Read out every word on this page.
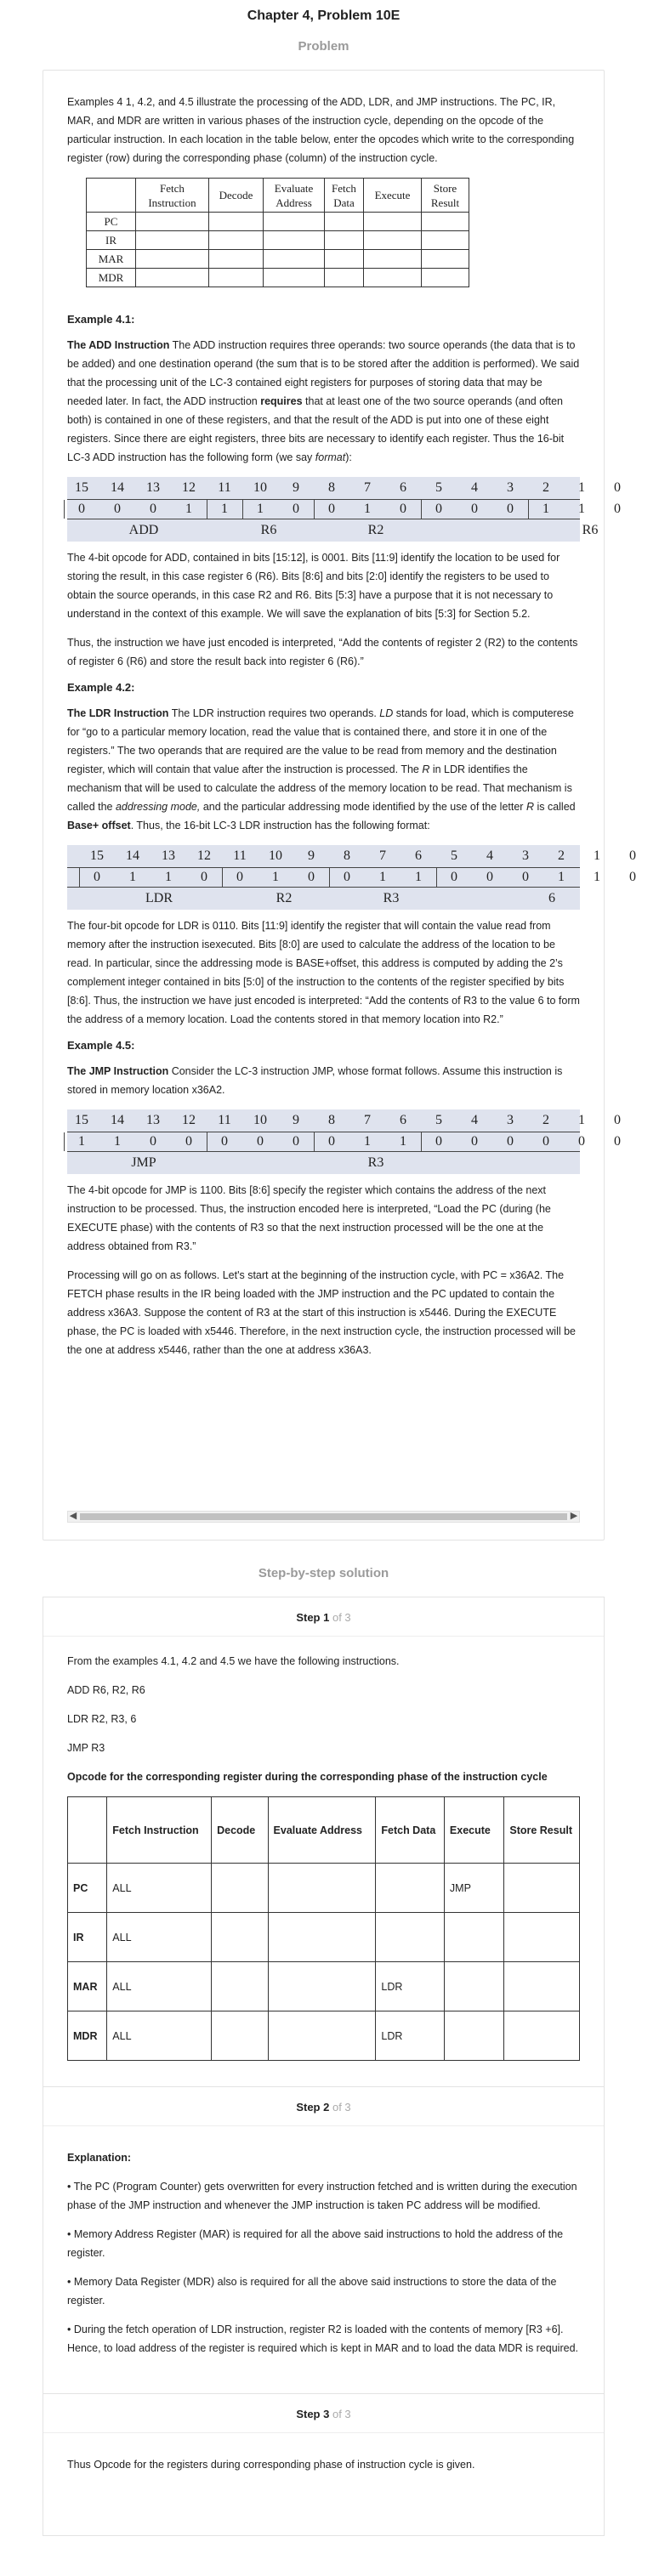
Chapter 4, Problem 10E
Problem

Examples 4 1, 4.2, and 4.5 illustrate the processing of the ADD, LDR, and JMP instructions. The PC, IR, MAR, and MDR are written in various phases of the instruction cycle, depending on the opcode of the particular instruction. In each location in the table below, enter the opcodes which write to the corresponding register (row) during the corresponding phase (column) of the instruction cycle.

	Fetch Instruction	Decode	Evaluate Address	Fetch Data	Execute	Store Result
PC						
IR						
MAR						
MDR						
Example 4.1:

The ADD Instruction The ADD instruction requires three operands: two source operands (the data that is to be added) and one destination operand (the sum that is to be stored after the addition is performed). We said that the processing unit of the LC-3 contained eight registers for purposes of storing data that may be needed later. In fact, the ADD instruction requires that at least one of the two source operands (and often both) is contained in one of these registers, and that the result of the ADD is put into one of these eight registers. Since there are eight registers, three bits are necessary to identify each register. Thus the 16-bit LC-3 ADD instruction has the following form (we say format):

15 14 13 12 11 10	9	8	7	6	5	4	3	2	1	0
0	0	0	1	1	1	0	0	1	0	0	0	0	1	1	0
ADD	R6	R2	R6

The 4-bit opcode for ADD, contained in bits [15:12], is 0001. Bits [11:9] identify the location to be used for storing the result, in this case register 6 (R6). Bits [8:6] and bits [2:0] identify the registers to be used to obtain the source operands, in this case R2 and R6. Bits [5:3] have a purpose that it is not necessary to understand in the context of this example. We will save the explanation of bits [5:3] for Section 5.2.

Thus, the instruction we have just encoded is interpreted, “Add the contents of register 2 (R2) to the contents of register 6 (R6) and store the result back into register 6 (R6).”

Example 4.2:

The LDR Instruction The LDR instruction requires two operands. LD stands for load, which is computerese for “go to a particular memory location, read the value that is contained there, and store it in one of the registers.” The two operands that are required are the value to be read from memory and the destination register, which will contain that value after the instruction is processed. The R in LDR identifies the mechanism that will be used to calculate the address of the memory location to be read. That mechanism is called the addressing mode, and the particular addressing mode identified by the use of the letter R is called Base+ offset. Thus, the 16-bit LC-3 LDR instruction has the following format:

15 14 13 12 11 10	9	8	7	6	5	4	3	2	1	0
0	1	1	0	0	1	0	0	1	1	0	0	0	1	1	0
LDR	R2	R3	6

The four-bit opcode for LDR is 0110. Bits [11:9] identify the register that will contain the value read from memory after the instruction isexecuted. Bits [8:0] are used to calculate the address of the location to be read. In particular, since the addressing mode is BASE+offset, this address is computed by adding the 2’s complement integer contained in bits [5:0] of the instruction to the contents of the register specified by bits [8:6]. Thus, the instruction we have just encoded is interpreted: “Add the contents of R3 to the value 6 to form the address of a memory location. Load the contents stored in that memory location into R2.”

Example 4.5:

The JMP Instruction Consider the LC-3 instruction JMP, whose format follows. Assume this instruction is stored in memory location x36A2.

15 14 13 12 11 10	9	8	7	6	5	4	3	2	1	0
1	1	0	0	0	0	0	0	1	1	0	0	0	0	0	0
JMP	R3

The 4-bit opcode for JMP is 1100. Bits [8:6] specify the register which contains the address of the next instruction to be processed. Thus, the instruction encoded here is interpreted, “Load the PC (during (he EXECUTE phase) with the contents of R3 so that the next instruction processed will be the one at the address obtained from R3.”

Processing will go on as follows. Let's start at the beginning of the instruction cycle, with PC = x36A2. The FETCH phase results in the IR being loaded with the JMP instruction and the PC updated to contain the address x36A3. Suppose the content of R3 at the start of this instruction is x5446. During the EXECUTE phase, the PC is loaded with x5446. Therefore, in the next instruction cycle, the instruction processed will be the one at address x5446, rather than the one at address x36A3.

◀	▶
Step-by-step solution
Step 1 of 3

From the examples 4.1, 4.2 and 4.5 we have the following instructions.

ADD R6, R2, R6

LDR R2, R3, 6

JMP R3

Opcode for the corresponding register during the corresponding phase of the instruction cycle

	Fetch Instruction	Decode	Evaluate Address	Fetch Data	Execute	Store Result
PC	ALL				JMP	
IR	ALL					
MAR	ALL			LDR		
MDR	ALL			LDR		
Step 2 of 3

Explanation:

• The PC (Program Counter) gets overwritten for every instruction fetched and is written during the execution phase of the JMP instruction and whenever the JMP instruction is taken PC address will be modified.

• Memory Address Register (MAR) is required for all the above said instructions to hold the address of the register.

• Memory Data Register (MDR) also is required for all the above said instructions to store the data of the register.

• During the fetch operation of LDR instruction, register R2 is loaded with the contents of memory [R3 +6]. Hence, to load address of the register is required which is kept in MAR and to load the data MDR is required.

Step 3 of 3

Thus Opcode for the registers during corresponding phase of instruction cycle is given.
